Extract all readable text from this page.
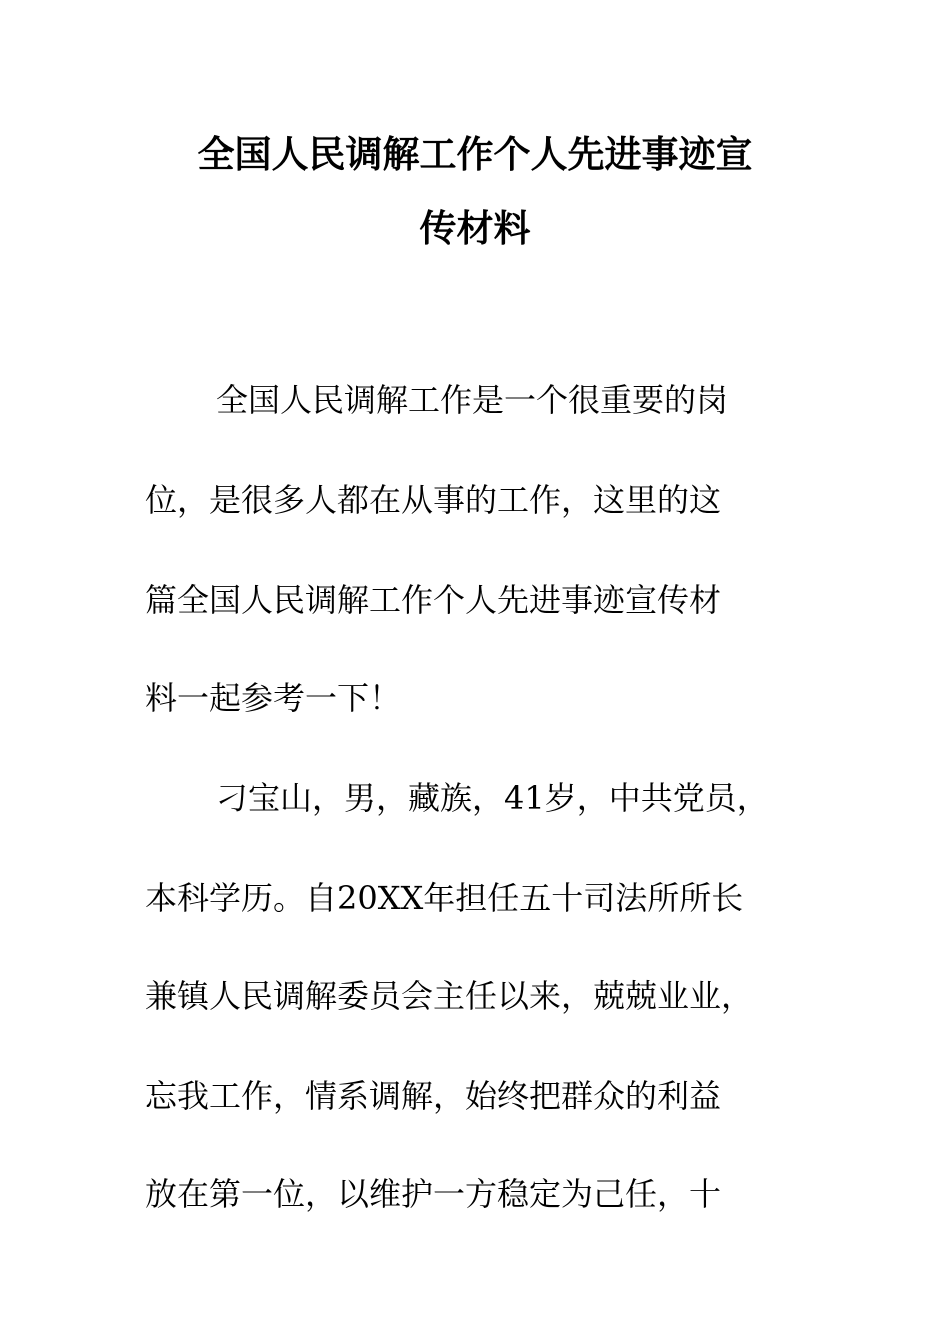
全国人民调解工作个人先进事迹宣
传材料
全国人民调解工作是一个很重要的岗
位，是很多人都在从事的工作，这里的这
篇全国人民调解工作个人先进事迹宣传材
料一起参考一下！
刁宝山，男，藏族，41岁，中共党员，
本科学历。自20XX年担任五十司法所所长
兼镇人民调解委员会主任以来，兢兢业业，
忘我工作，情系调解，始终把群众的利益
放在第一位，以维护一方稳定为己任，十
